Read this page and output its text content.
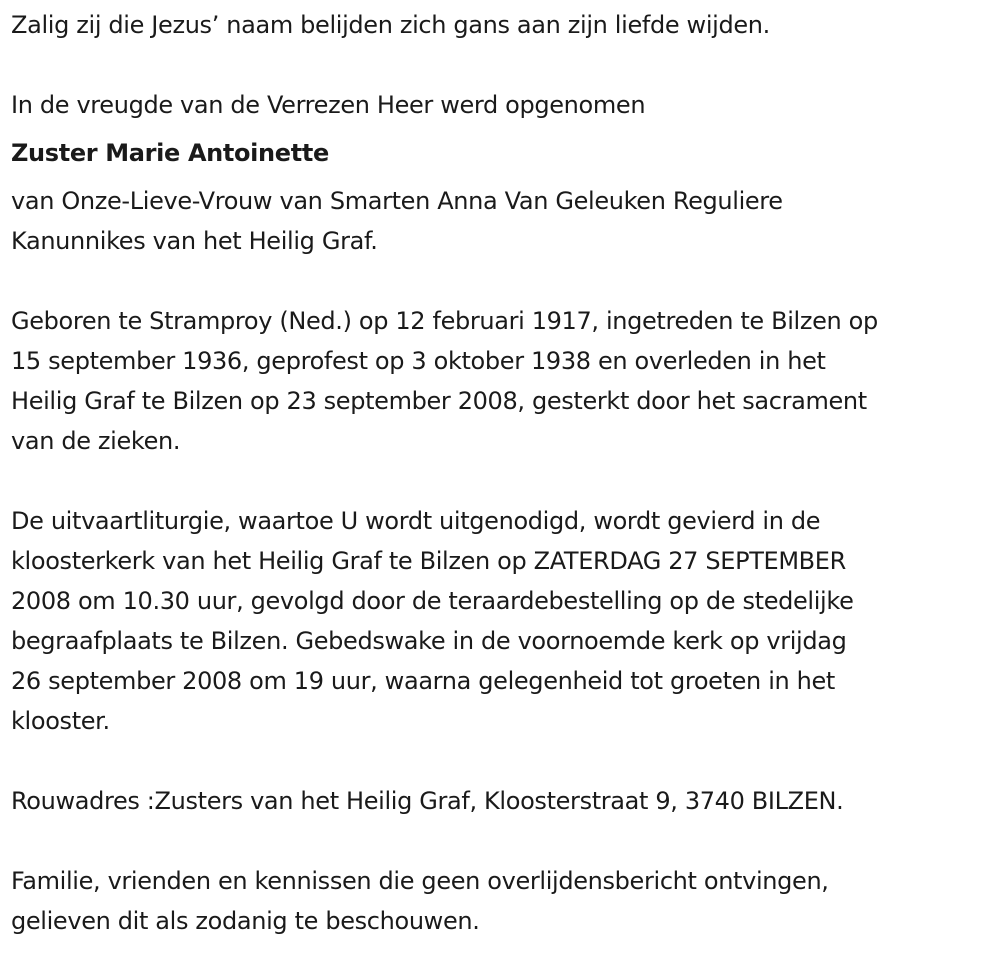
Zalig zij die Jezus’ naam belijden zich gans aan zijn liefde wijden.
In de vreugde van de Verrezen Heer werd opgenomen
Zuster Marie Antoinette
van Onze-Lieve-Vrouw van Smarten Anna Van Geleuken Reguliere
Kanunnikes van het Heilig Graf.
Geboren te Stramproy (Ned.) op 12 februari 1917, ingetreden te Bilzen op
15 september 1936, geprofest op 3 oktober 1938 en overleden in het
Heilig Graf te Bilzen op 23 september 2008, gesterkt door het sacrament
van de zieken.
De uitvaartliturgie, waartoe U wordt uitgenodigd, wordt gevierd in de
kloosterkerk van het Heilig Graf te Bilzen op ZATERDAG 27 SEPTEMBER
2008 om 10.30 uur, gevolgd door de teraardebestelling op de stedelijke
begraafplaats te Bilzen. Gebedswake in de voornoemde kerk op vrijdag
26 september 2008 om 19 uur, waarna gelegenheid tot groeten in het
klooster.
Rouwadres :Zusters van het Heilig Graf, Kloosterstraat 9, 3740 BILZEN.
Familie, vrienden en kennissen die geen overlijdensbericht ontvingen,
gelieven dit als zodanig te beschouwen.
